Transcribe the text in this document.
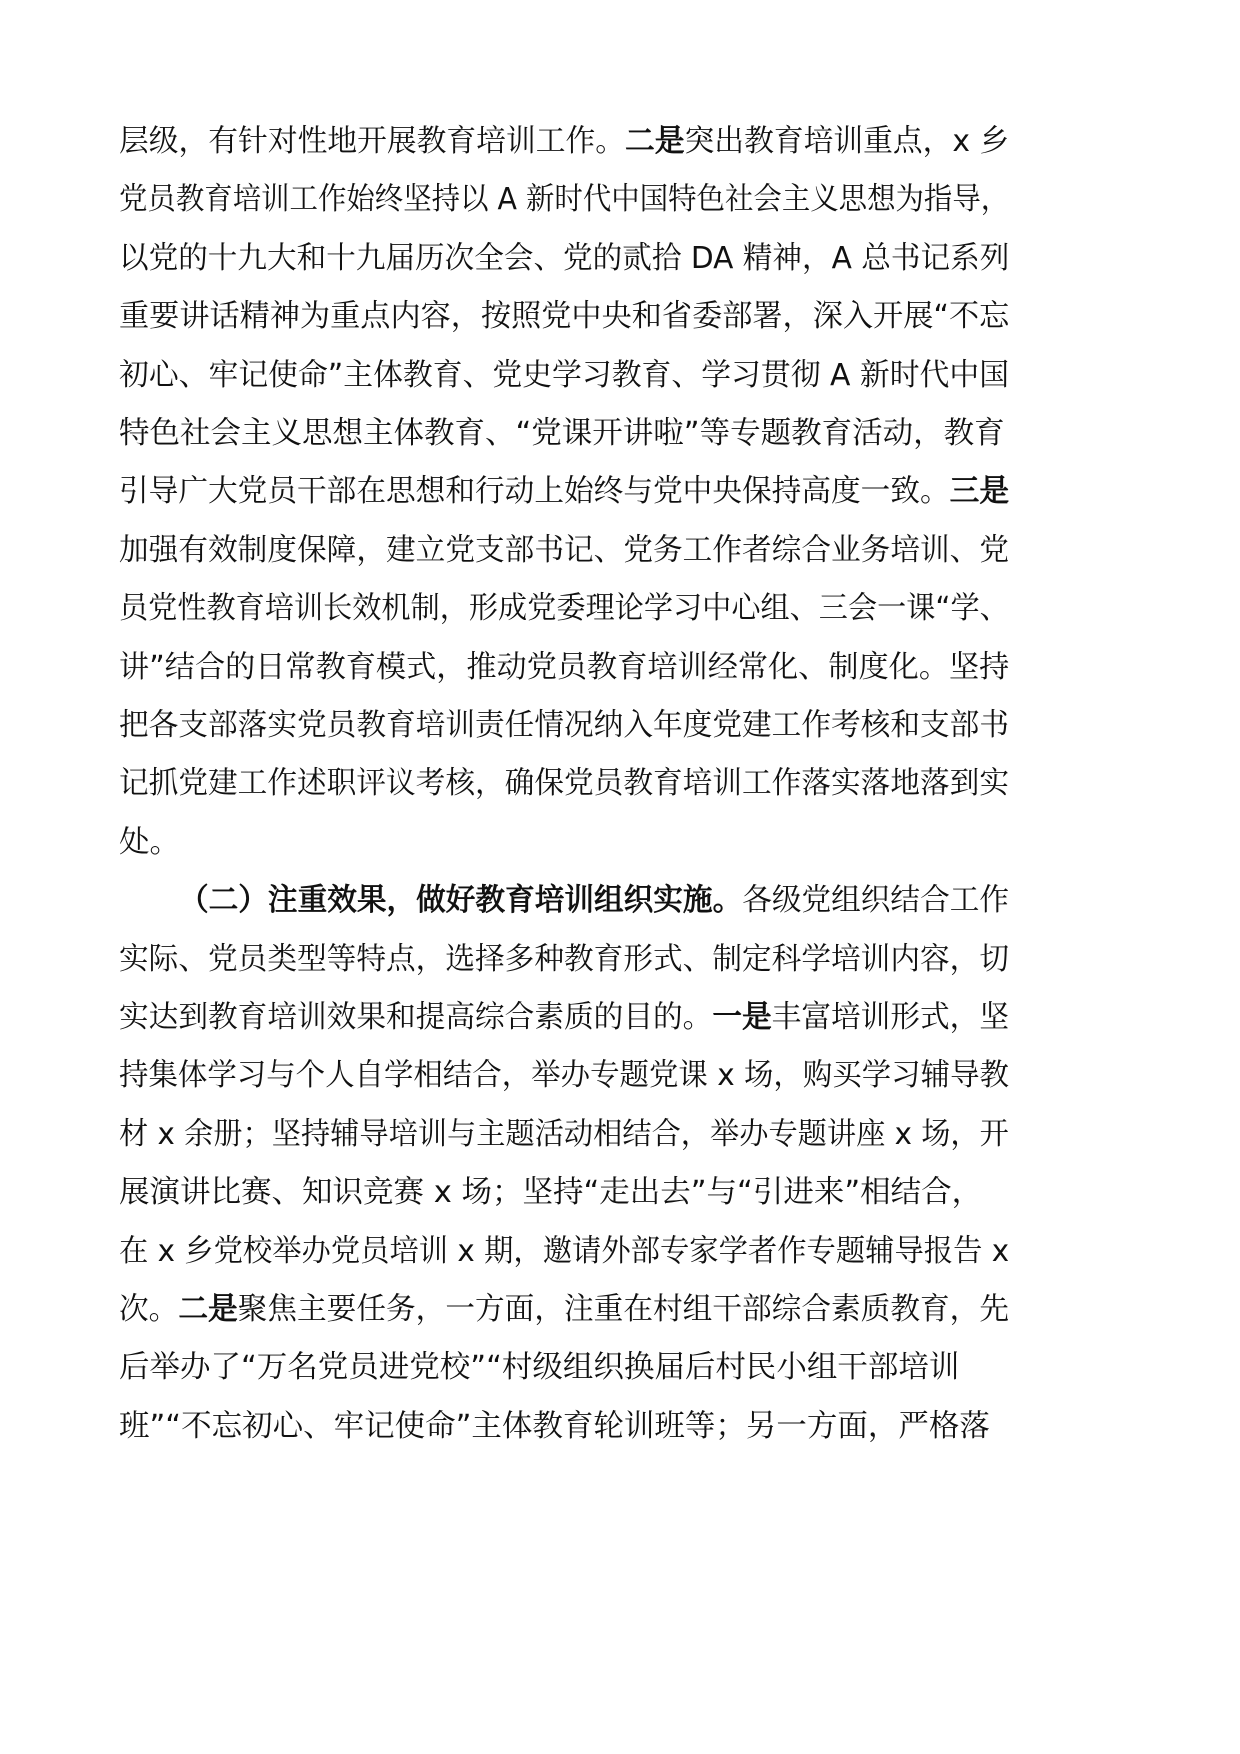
层级，有针对性地开展教育培训工作。二是突出教育培训重点，x 乡
党员教育培训工作始终坚持以 A 新时代中国特色社会主义思想为指导，
以党的十九大和十九届历次全会、党的贰拾 DA 精神，A 总书记系列
重要讲话精神为重点内容，按照党中央和省委部署，深入开展“不忘
初心、牢记使命”主体教育、党史学习教育、学习贯彻 A 新时代中国
特色社会主义思想主体教育、“党课开讲啦”等专题教育活动，教育
引导广大党员干部在思想和行动上始终与党中央保持高度一致。三是
加强有效制度保障，建立党支部书记、党务工作者综合业务培训、党
员党性教育培训长效机制，形成党委理论学习中心组、三会一课“学、
讲”结合的日常教育模式，推动党员教育培训经常化、制度化。坚持
把各支部落实党员教育培训责任情况纳入年度党建工作考核和支部书
记抓党建工作述职评议考核，确保党员教育培训工作落实落地落到实
处。
（二）注重效果，做好教育培训组织实施。各级党组织结合工作
实际、党员类型等特点，选择多种教育形式、制定科学培训内容，切
实达到教育培训效果和提高综合素质的目的。一是丰富培训形式，坚
持集体学习与个人自学相结合，举办专题党课 x 场，购买学习辅导教
材 x 余册；坚持辅导培训与主题活动相结合，举办专题讲座 x 场，开
展演讲比赛、知识竞赛 x 场；坚持“走出去”与“引进来”相结合，
在 x 乡党校举办党员培训 x 期，邀请外部专家学者作专题辅导报告 x
次。二是聚焦主要任务，一方面，注重在村组干部综合素质教育，先
后举办了“万名党员进党校”“村级组织换届后村民小组干部培训
班”“不忘初心、牢记使命”主体教育轮训班等；另一方面，严格落
